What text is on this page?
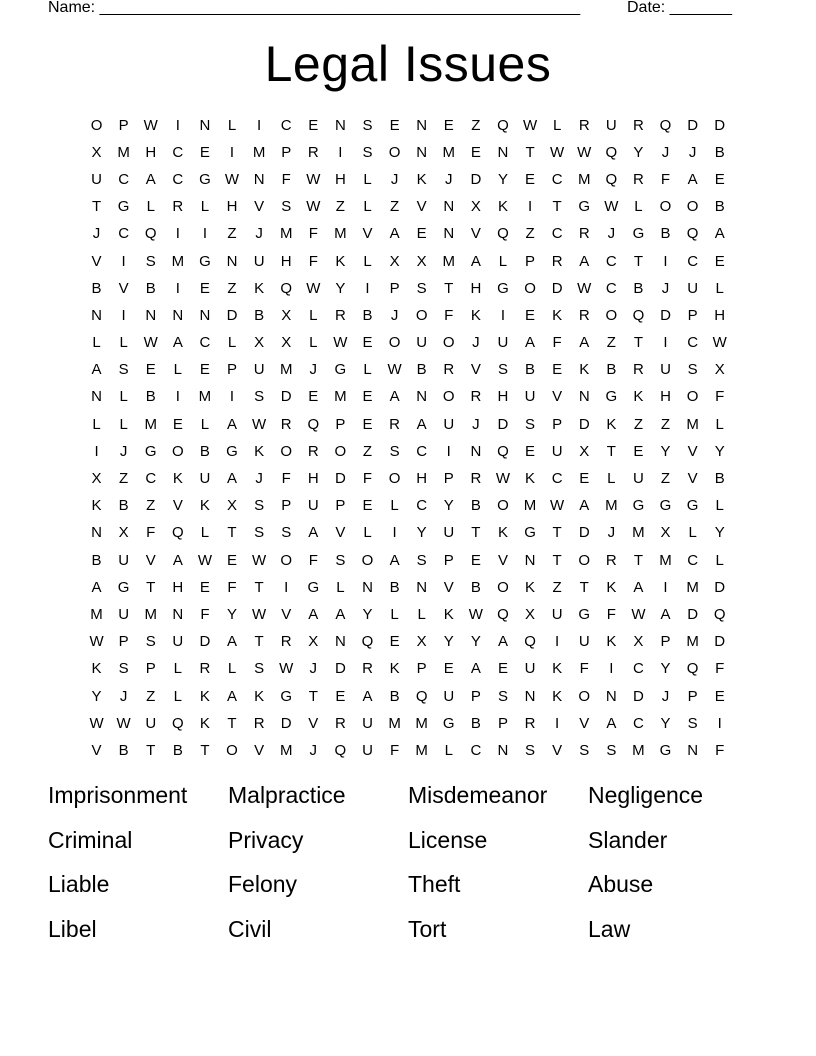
Name: ______________________________________________________	Date: _______
Legal Issues
O	P	W	I	N	L	I	C	E	N	S	E	N	E	Z	Q W	L	R	U	R	Q	D	D
X	M	H	C	E	I	M	P	R	I	S	O	N	M	E	N	T	W W Q	Y	J	J	B
U	C	A	C	G W N	F	W H	L	J	K	J	D	Y	E	C	M	Q	R	F	A	E
T	G	L	R	L	H	V	S	W	Z	L	Z	V	N	X	K	I	T	G W	L	O	O	B
J	C	Q	I	I	Z	J	M	F	M	V	A	E	N	V	Q	Z	C	R	J	G	B	Q	A
V	I	S	M	G	N	U	H	F	K	L	X	X	M	A	L	P	R	A	C	T	I	C	E
B	V	B	I	E	Z	K	Q W	Y	I	P	S	T	H	G	O	D W C	B	J	U	L
N	I	N	N	N	D	B	X	L	R	B	J	O	F	K	I	E	K	R	O	Q	D	P	H
L	L	W	A	C	L	X	X	L	W	E	O	U	O	J	U	A	F	A	Z	T	I	C W
A	S	E	L	E	P	U	M	J	G	L	W	B	R	V	S	B	E	K	B	R	U	S	X
N	L	B	I	M	I	S	D	E	M	E	A	N	O	R	H	U	V	N	G	K	H	O	F
L	L	M	E	L	A	W R	Q	P	E	R	A	U	J	D	S	P	D	K	Z	Z	M	L
I	J	G	O	B	G	K	O	R	O	Z	S	C	I	N	Q	E	U	X	T	E	Y	V	Y
X	Z	C	K	U	A	J	F	H	D	F	O	H	P	R W	K	C	E	L	U	Z	V	B
K	B	Z	V	K	X	S	P	U	P	E	L	C	Y	B	O	M W	A	M	G	G	G	L
N	X	F	Q	L	T	S	S	A	V	L	I	Y	U	T	K	G	T	D	J	M	X	L	Y
B	U	V	A	W	E	W O	F	S	O	A	S	P	E	V	N	T	O	R	T	M	C	L
A	G	T	H	E	F	T	I	G	L	N	B	N	V	B	O	K	Z	T	K	A	I	M	D
M	U	M	N	F	Y	W	V	A	A	Y	L	L	K	W Q	X	U	G	F	W	A	D	Q
W	P	S	U	D	A	T	R	X	N	Q	E	X	Y	Y	A	Q	I	U	K	X	P	M	D
K	S	P	L	R	L	S	W	J	D	R	K	P	E	A	E	U	K	F	I	C	Y	Q	F
Y	J	Z	L	K	A	K	G	T	E	A	B	Q	U	P	S	N	K	O	N	D	J	P	E
W W U	Q	K	T	R	D	V	R	U	M M	G	B	P	R	I	V	A	C	Y	S	I
V	B	T	B	T	O	V	M	J	Q	U	F	M	L	C	N	S	V	S	S	M	G	N	F
Imprisonment	Malpractice	Misdemeanor	Negligence
Criminal	Privacy	License	Slander
Liable	Felony	Theft	Abuse
Libel	Civil	Tort	Law
